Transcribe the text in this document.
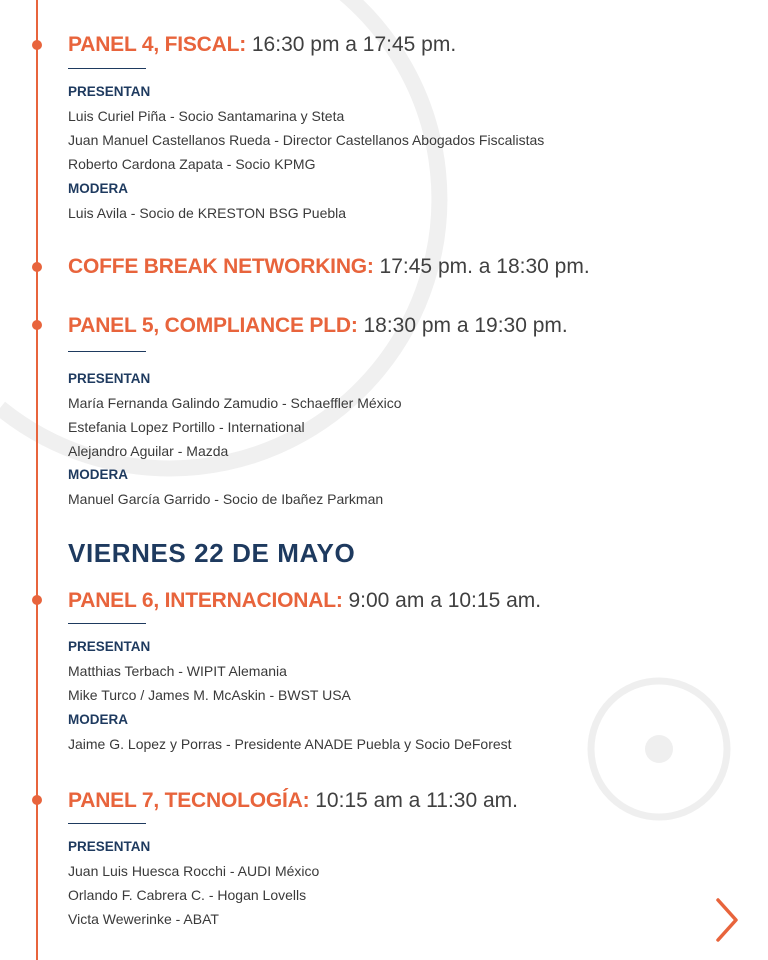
PANEL 4, FISCAL: 16:30 pm a 17:45 pm.
PRESENTAN
Luis Curiel Piña - Socio Santamarina y Steta
Juan Manuel Castellanos Rueda - Director Castellanos Abogados Fiscalistas
Roberto Cardona Zapata - Socio KPMG
MODERA
Luis Avila - Socio de KRESTON BSG Puebla
COFFE BREAK NETWORKING: 17:45 pm. a 18:30 pm.
PANEL 5, COMPLIANCE PLD: 18:30 pm a 19:30 pm.
PRESENTAN
María Fernanda Galindo Zamudio - Schaeffler México
Estefania Lopez Portillo - International
Alejandro Aguilar - Mazda
MODERA
Manuel García Garrido - Socio de Ibañez Parkman
VIERNES 22 DE MAYO
PANEL 6, INTERNACIONAL: 9:00 am a 10:15 am.
PRESENTAN
Matthias Terbach - WIPIT Alemania
Mike Turco / James M. McAskin - BWST USA
MODERA
Jaime G. Lopez y Porras - Presidente ANADE Puebla y Socio DeForest
PANEL 7, TECNOLOGÍA: 10:15 am a 11:30 am.
PRESENTAN
Juan Luis Huesca Rocchi - AUDI México
Orlando F. Cabrera C. - Hogan Lovells
Victa Wewerinke - ABAT
